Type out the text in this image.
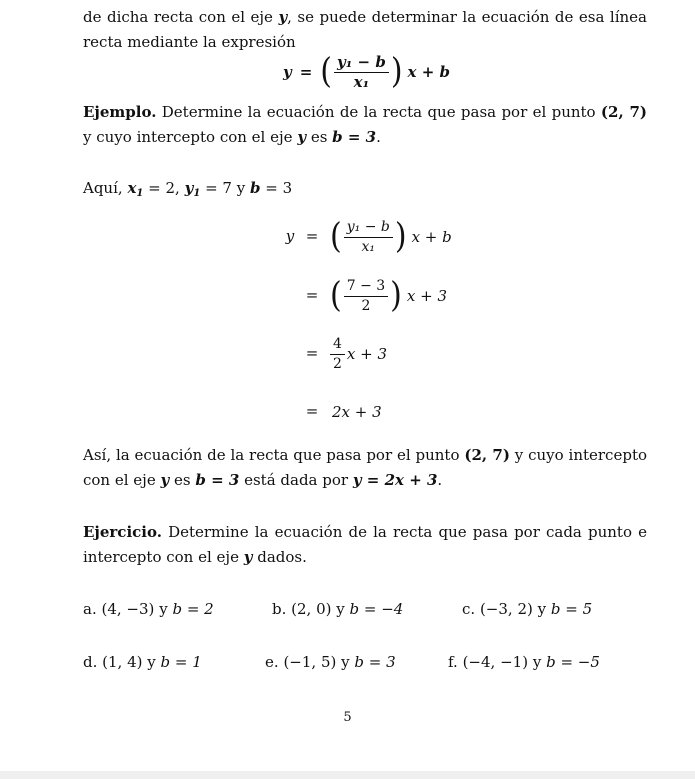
de dicha recta con el eje y, se puede determinar la ecuación de esa línea recta mediante la expresión
y = ( $\frac{\text{y₁ − b}}{\text{x₁}}$ ) x + b
Ejemplo. Determine la ecuación de la recta que pasa por el punto (2, 7) y cuyo intercepto con el eje y es b = 3.
Aquí, $x_1 = 2$, $y_1 = 7$ y b = 3
y = ( $\frac{\text{y₁ − b}}{\text{x₁}}$ ) x + b
= ( $\frac{7 - 3}{2}$ ) x + 3
= $\frac{4}{2}$ x + 3
= 2x + 3
Así, la ecuación de la recta que pasa por el punto (2, 7) y cuyo intercepto con el eje y es b = 3 está dada por y = 2x + 3.
Ejercicio. Determine la ecuación de la recta que pasa por cada punto e intercepto con el eje y dados.
a. (4, −3) y b = 2	b. (2, 0) y b = −4	c. (−3, 2) y b = 5
d. (1, 4) y b = 1	e. (−1, 5) y b = 3	f. (−4, −1) y b = −5
5
